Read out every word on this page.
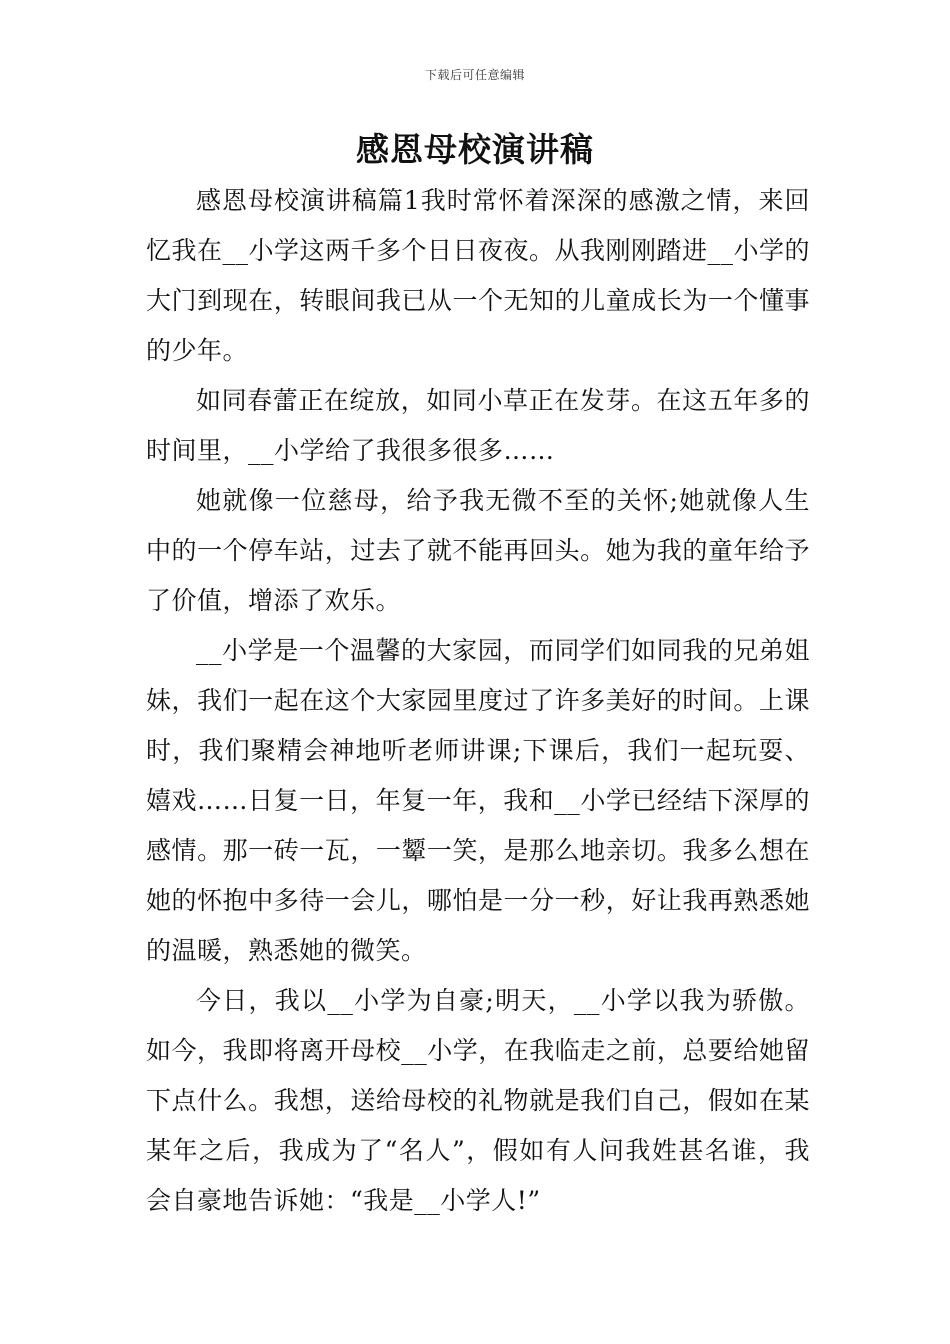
下载后可任意编辑
感恩母校演讲稿

感恩母校演讲稿篇1我时常怀着深深的感激之情，来回忆我在__小学这两千多个日日夜夜。从我刚刚踏进__小学的大门到现在，转眼间我已从一个无知的儿童成长为一个懂事的少年。

如同春蕾正在绽放，如同小草正在发芽。在这五年多的时间里，__小学给了我很多很多……

她就像一位慈母，给予我无微不至的关怀;她就像人生中的一个停车站，过去了就不能再回头。她为我的童年给予了价值，增添了欢乐。

__小学是一个温馨的大家园，而同学们如同我的兄弟姐妹，我们一起在这个大家园里度过了许多美好的时间。上课时，我们聚精会神地听老师讲课;下课后，我们一起玩耍、嬉戏……日复一日，年复一年，我和__小学已经结下深厚的感情。那一砖一瓦，一颦一笑，是那么地亲切。我多么想在她的怀抱中多待一会儿，哪怕是一分一秒，好让我再熟悉她的温暖，熟悉她的微笑。

今日，我以__小学为自豪;明天，__小学以我为骄傲。如今，我即将离开母校__小学，在我临走之前，总要给她留下点什么。我想，送给母校的礼物就是我们自己，假如在某某年之后，我成为了“名人”，假如有人问我姓甚名谁，我会自豪地告诉她：“我是__小学人!”
